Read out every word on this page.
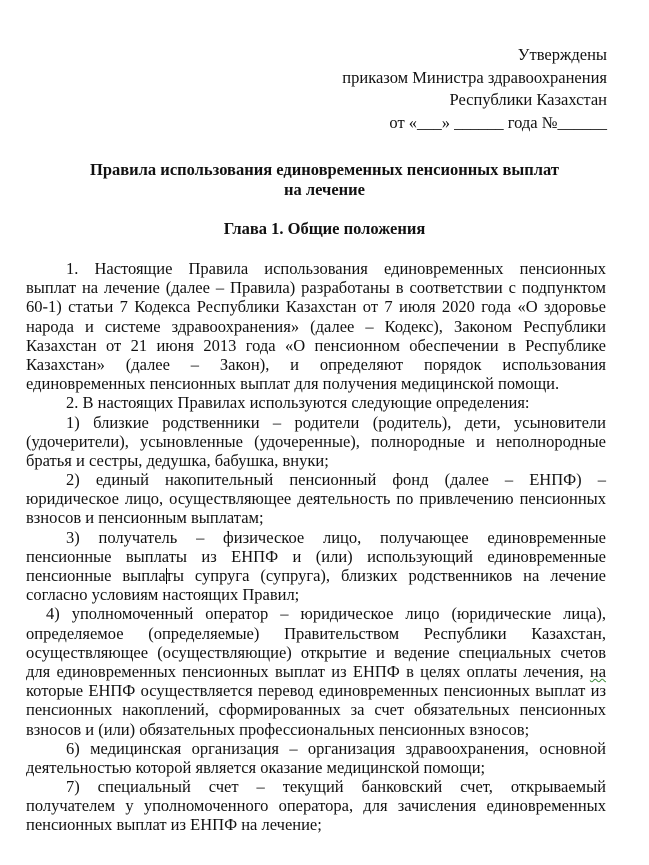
Утверждены
приказом Министра здравоохранения
Республики Казахстан
от «___» ______ года №______
Правила использования единовременных пенсионных выплат
на лечение
Глава 1. Общие положения
1. Настоящие Правила использования единовременных пенсионных
выплат на лечение (далее – Правила) разработаны в соответствии с подпунктом
60-1) статьи 7 Кодекса Республики Казахстан от 7 июля 2020 года «О здоровье
народа и системе здравоохранения» (далее – Кодекс), Законом Республики
Казахстан от 21 июня 2013 года «О пенсионном обеспечении в Республике
Казахстан» (далее – Закон), и определяют порядок использования
единовременных пенсионных выплат для получения медицинской помощи.
2. В настоящих Правилах используются следующие определения:
1) близкие родственники – родители (родитель), дети, усыновители
(удочерители), усыновленные (удочеренные), полнородные и неполнородные
братья и сестры, дедушка, бабушка, внуки;
2) единый накопительный пенсионный фонд (далее – ЕНПФ) –
юридическое лицо, осуществляющее деятельность по привлечению пенсионных
взносов и пенсионным выплатам;
3) получатель – физическое лицо, получающее единовременные
пенсионные выплаты из ЕНПФ и (или) использующий единовременные
пенсионные выплаты супруга (супруга), близких родственников на лечение
согласно условиям настоящих Правил;
4) уполномоченный оператор – юридическое лицо (юридические лица),
определяемое (определяемые) Правительством Республики Казахстан,
осуществляющее (осуществляющие) открытие и ведение специальных счетов
для единовременных пенсионных выплат из ЕНПФ в целях оплаты лечения, на
которые ЕНПФ осуществляется перевод единовременных пенсионных выплат из
пенсионных накоплений, сформированных за счет обязательных пенсионных
взносов и (или) обязательных профессиональных пенсионных взносов;
6) медицинская организация – организация здравоохранения, основной
деятельностью которой является оказание медицинской помощи;
7) специальный счет – текущий банковский счет, открываемый
получателем у уполномоченного оператора, для зачисления единовременных
пенсионных выплат из ЕНПФ на лечение;
